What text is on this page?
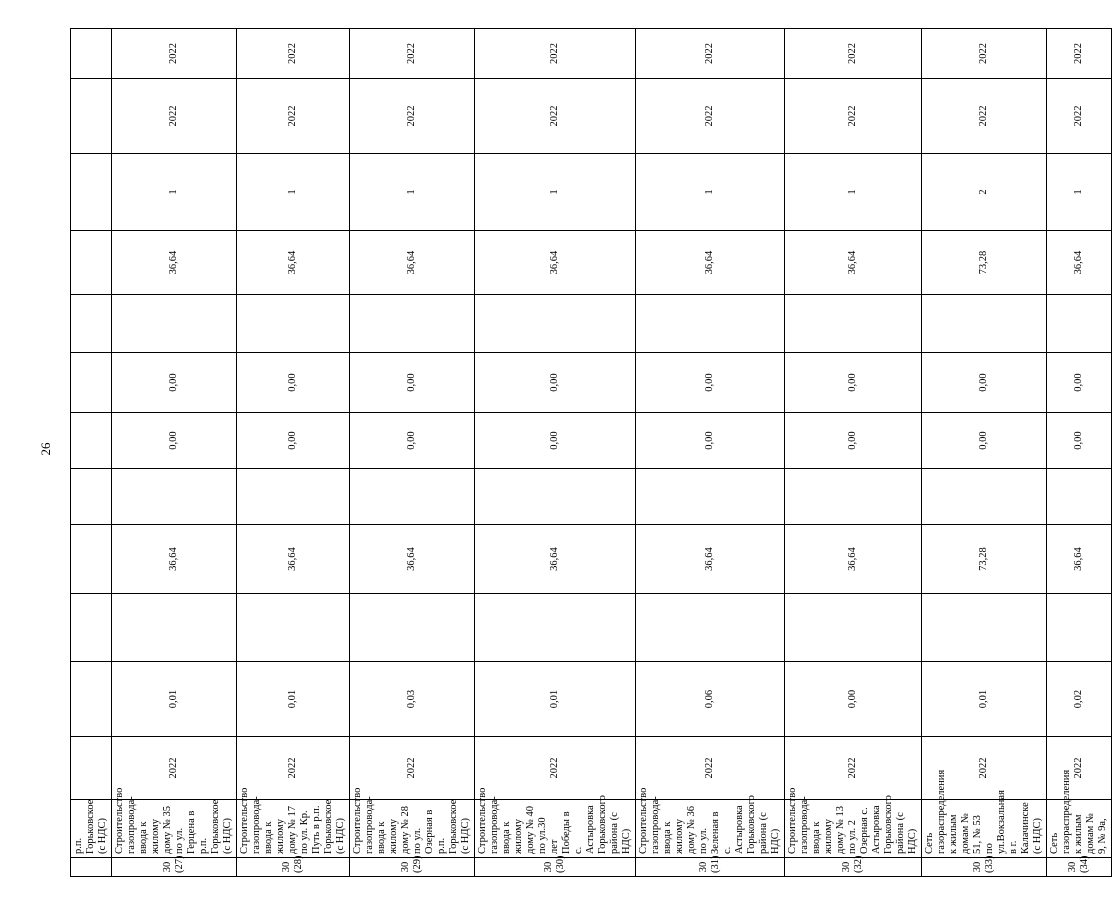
26
	р.п. Горьковское (с НДС)												
30 (27)	Строительство газопровода-ввода к жилому дому № 35 по ул. Герцена в р.п. Горьковское (с НДС)	2022	0,01		36,64		0,00	0,00		36,64	1	2022	2022
30 (28)	Строительство газопровода-ввода к жилому дому № 17 по ул. Кр. Путь в р.п. Горьковское (с НДС)	2022	0,01		36,64		0,00	0,00		36,64	1	2022	2022
30 (29)	Строительство газопровода-ввода к жилому дому № 28 по ул. Озерная в р.п. Горьковское (с НДС)	2022	0,03		36,64		0,00	0,00		36,64	1	2022	2022
30 (30)	Строительство газопровода-ввода к жилому дому № 40 по ул.30 лет Победы в с. Астыровка Горьковского района (с НДС)	2022	0,01		36,64		0,00	0,00		36,64	1	2022	2022
30 (31)	Строительство газопровода-ввода к жилому дому № 36 по ул. Зеленая в с. Астыровка Горьковского района (с НДС)	2022	0,06		36,64		0,00	0,00		36,64	1	2022	2022
30 (32)	Строительство газопровода-ввода к жилому дому № 13 по ул. 2 Озерная с. Астыровка Горьковского района (с НДС)	2022	0,00		36,64		0,00	0,00		36,64	1	2022	2022
30 (33)	Сеть газораспределения к жилым домам № 51, № 53 по ул.Вокзальная в г. Калачинске (с НДС)	2022	0,01		73,28		0,00	0,00		73,28	2	2022	2022
30 (34)	Сеть газораспределения к жилым домам № 9, № 9а,	2022	0,02		36,64		0,00	0,00		36,64	1	2022	2022
